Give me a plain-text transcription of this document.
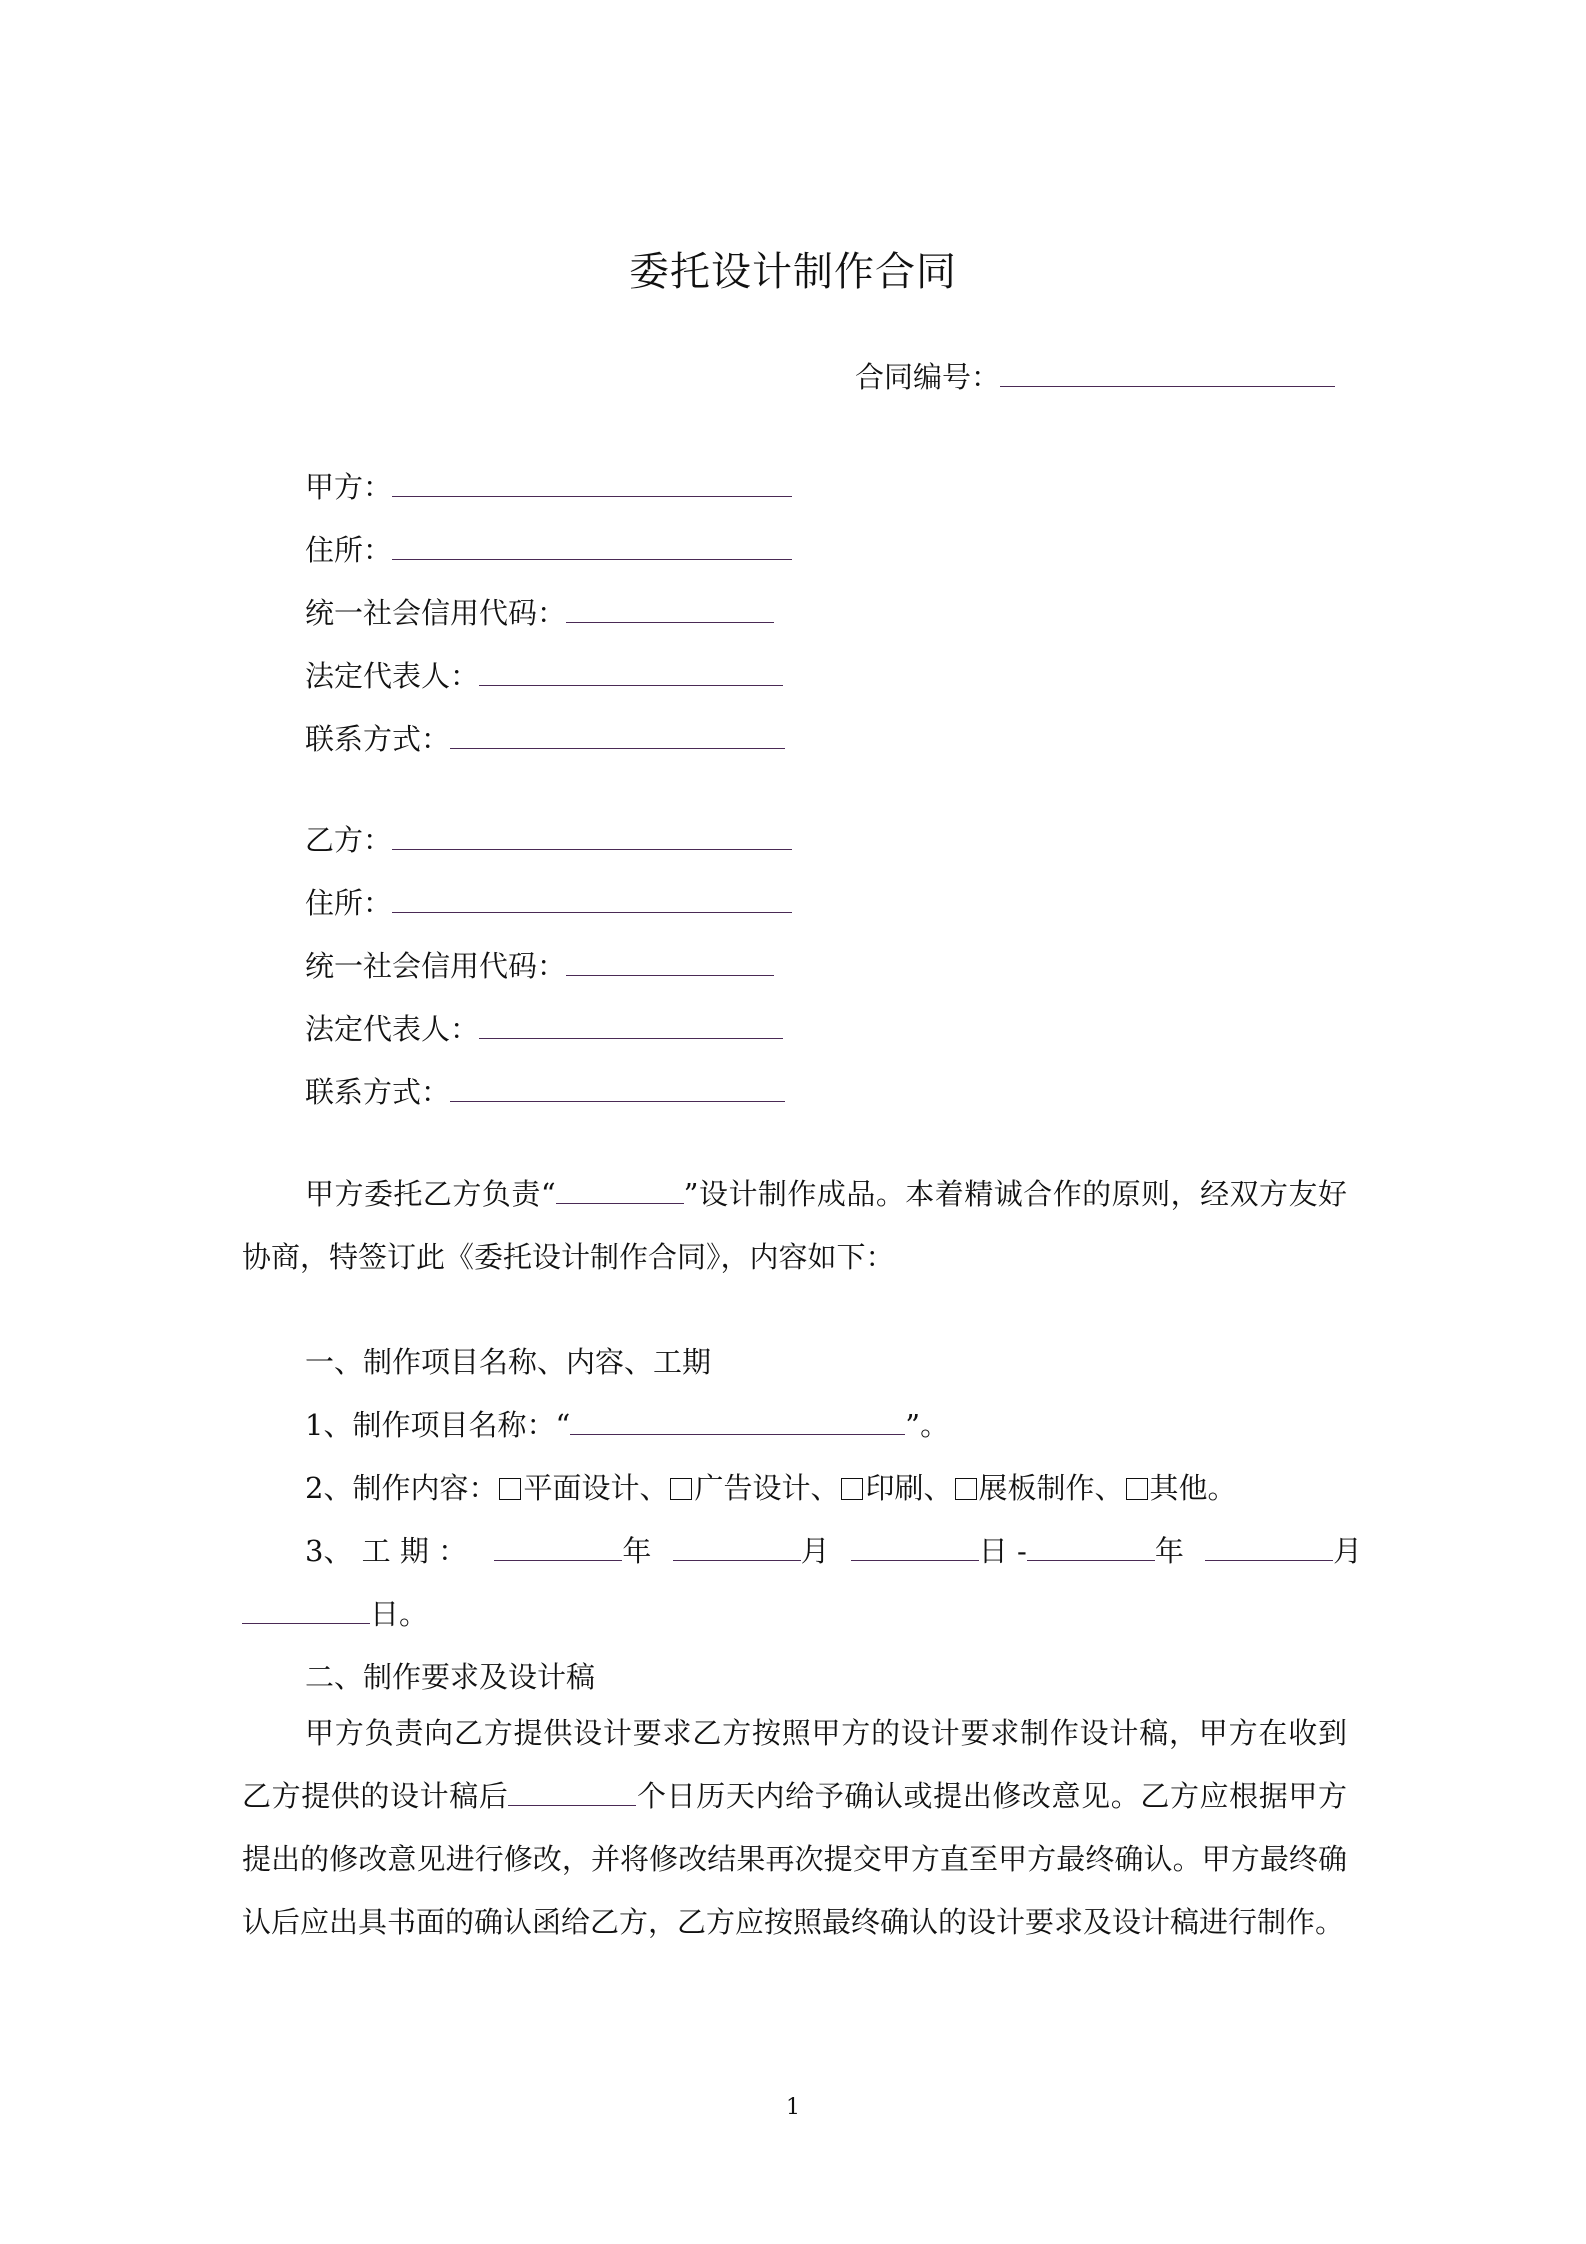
委托设计制作合同
合同编号：
甲方：
住所：
统一社会信用代码：
法定代表人：
联系方式：
乙方：
住所：
统一社会信用代码：
法定代表人：
联系方式：
甲方委托乙方负责“	”设计制作成品。本着精诚合作的原则，经双方友好协商，特签订此《委托设计制作合同》，内容如下：
一、制作项目名称、内容、工期
1、制作项目名称：“	”。
2、制作内容： 平面设计、 广告设计、 印刷、 展板制作、 其他。
3、 工 期 ：	年	月	日 -	年	月
日。
二、制作要求及设计稿
甲方负责向乙方提供设计要求乙方按照甲方的设计要求制作设计稿，甲方在收到乙方提供的设计稿后	个日历天内给予确认或提出修改意见。乙方应根据甲方提出的修改意见进行修改，并将修改结果再次提交甲方直至甲方最终确认。甲方最终确认后应出具书面的确认函给乙方，乙方应按照最终确认的设计要求及设计稿进行制作。
1
